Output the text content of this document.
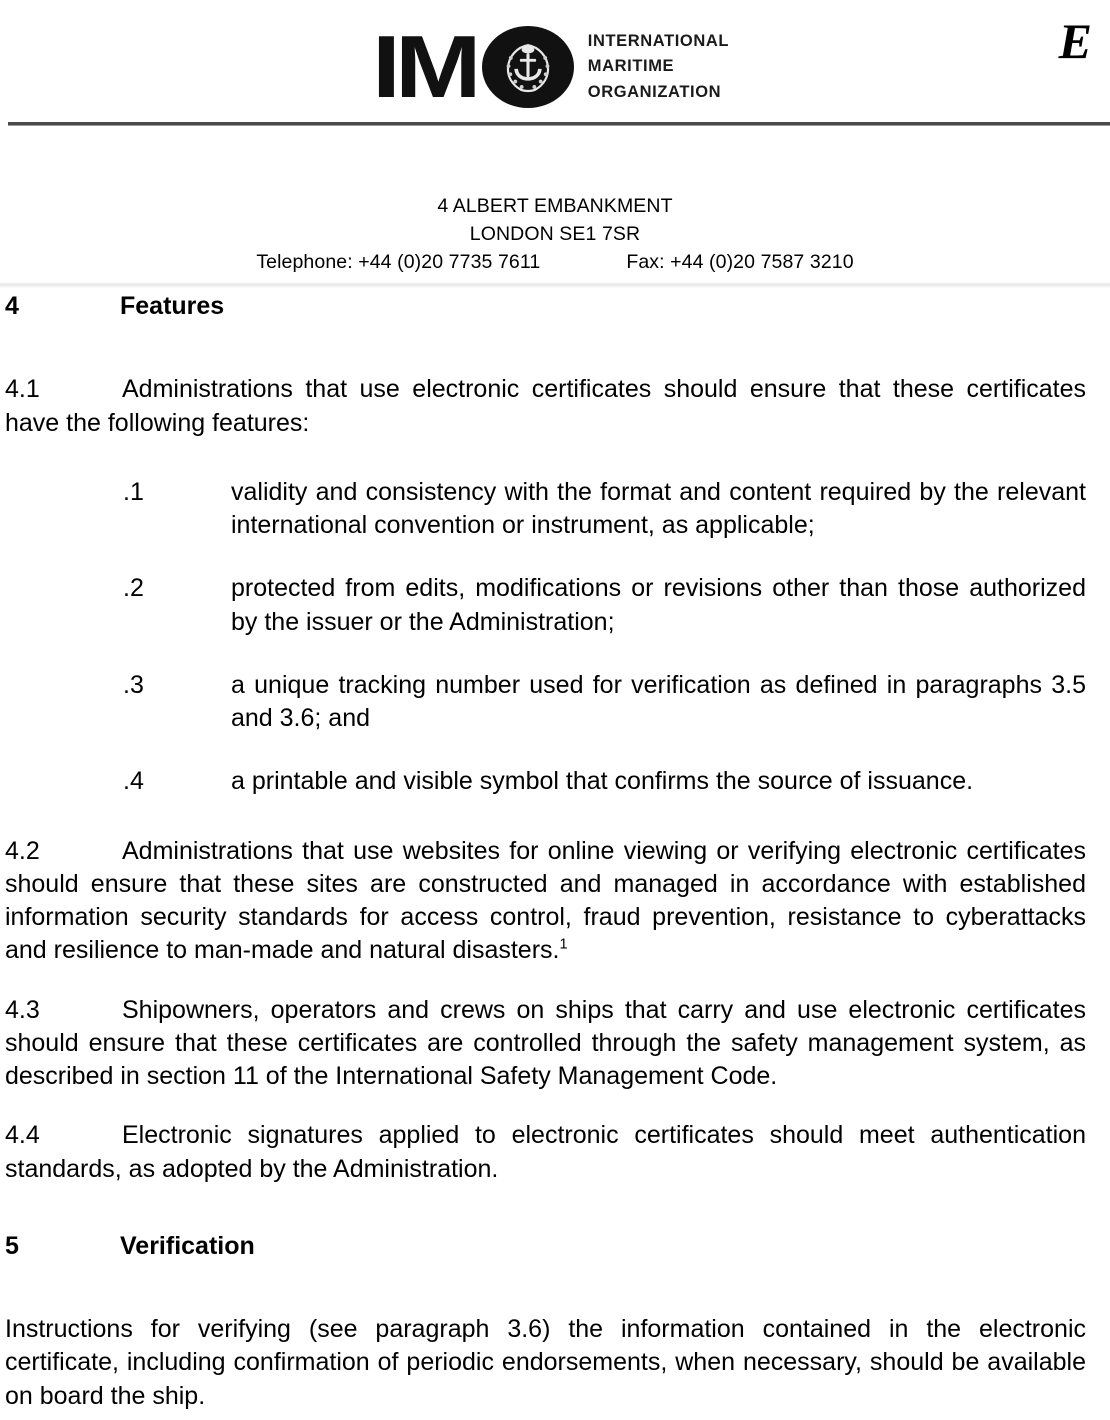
IM	INTERNATIONAL
MARITIME
ORGANIZATION
E
4 ALBERT EMBANKMENT
LONDON SE1 7SR
Telephone: +44 (0)20 7735 7611	Fax: +44 (0)20 7587 3210
4	Features

4.1	Administrations that use electronic certificates should ensure that these certificates have the following features:

.1	validity and consistency with the format and content required by the relevant international convention or instrument, as applicable;
.2	protected from edits, modifications or revisions other than those authorized by the issuer or the Administration;
.3	a unique tracking number used for verification as defined in paragraphs 3.5 and 3.6; and
.4	a printable and visible symbol that confirms the source of issuance.

4.2	Administrations that use websites for online viewing or verifying electronic certificates should ensure that these sites are constructed and managed in accordance with established information security standards for access control, fraud prevention, resistance to cyberattacks and resilience to man-made and natural disasters.$^1$

4.3	Shipowners, operators and crews on ships that carry and use electronic certificates should ensure that these certificates are controlled through the safety management system, as described in section 11 of the International Safety Management Code.

4.4	Electronic signatures applied to electronic certificates should meet authentication standards, as adopted by the Administration.

5	Verification

Instructions for verifying (see paragraph 3.6) the information contained in the electronic certificate, including confirmation of periodic endorsements, when necessary, should be available on board the ship.
